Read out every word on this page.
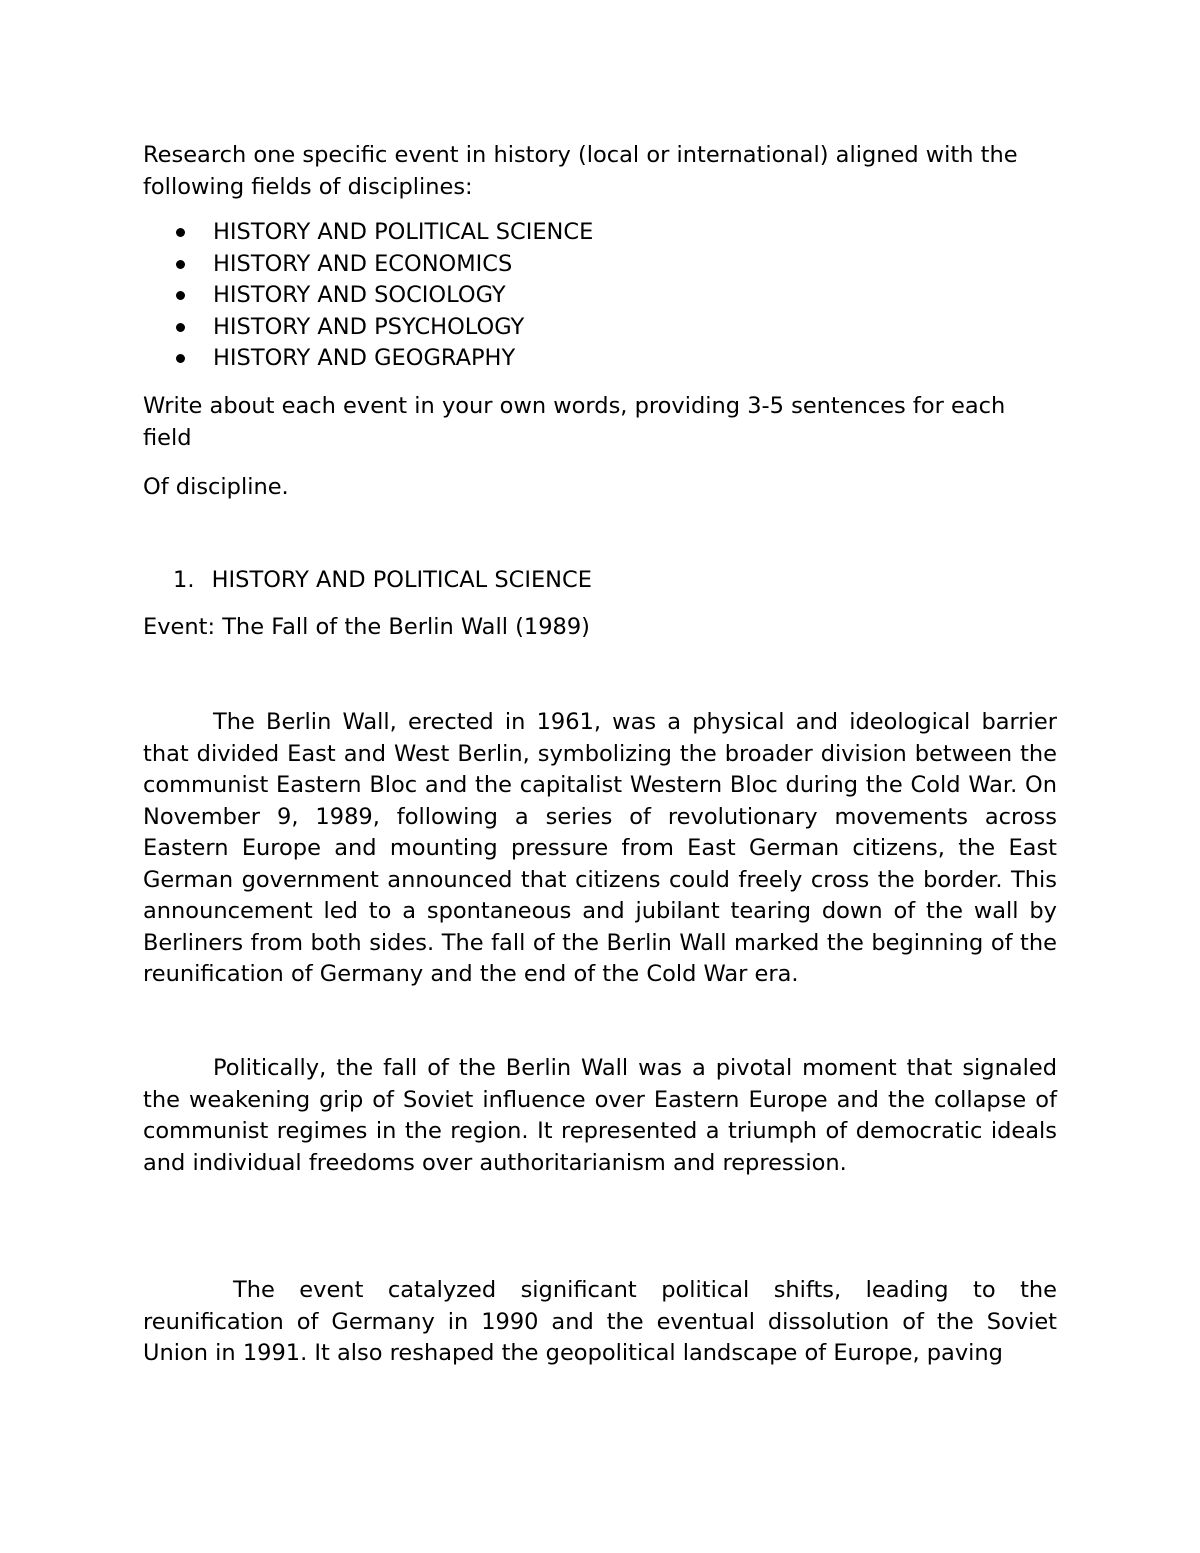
Research one specific event in history (local or international) aligned with the following fields of disciplines:

HISTORY AND POLITICAL SCIENCE
HISTORY AND ECONOMICS
HISTORY AND SOCIOLOGY
HISTORY AND PSYCHOLOGY
HISTORY AND GEOGRAPHY

Write about each event in your own words, providing 3-5 sentences for each field

Of discipline.

1. HISTORY AND POLITICAL SCIENCE

Event: The Fall of the Berlin Wall (1989)

The Berlin Wall, erected in 1961, was a physical and ideological barrier that divided East and West Berlin, symbolizing the broader division between the communist Eastern Bloc and the capitalist Western Bloc during the Cold War. On November 9, 1989, following a series of revolutionary movements across Eastern Europe and mounting pressure from East German citizens, the East German government announced that citizens could freely cross the border. This announcement led to a spontaneous and jubilant tearing down of the wall by Berliners from both sides. The fall of the Berlin Wall marked the beginning of the reunification of Germany and the end of the Cold War era.

Politically, the fall of the Berlin Wall was a pivotal moment that signaled the weakening grip of Soviet influence over Eastern Europe and the collapse of communist regimes in the region. It represented a triumph of democratic ideals and individual freedoms over authoritarianism and repression.

The event catalyzed significant political shifts, leading to the reunification of Germany in 1990 and the eventual dissolution of the Soviet Union in 1991. It also reshaped the geopolitical landscape of Europe, paving
